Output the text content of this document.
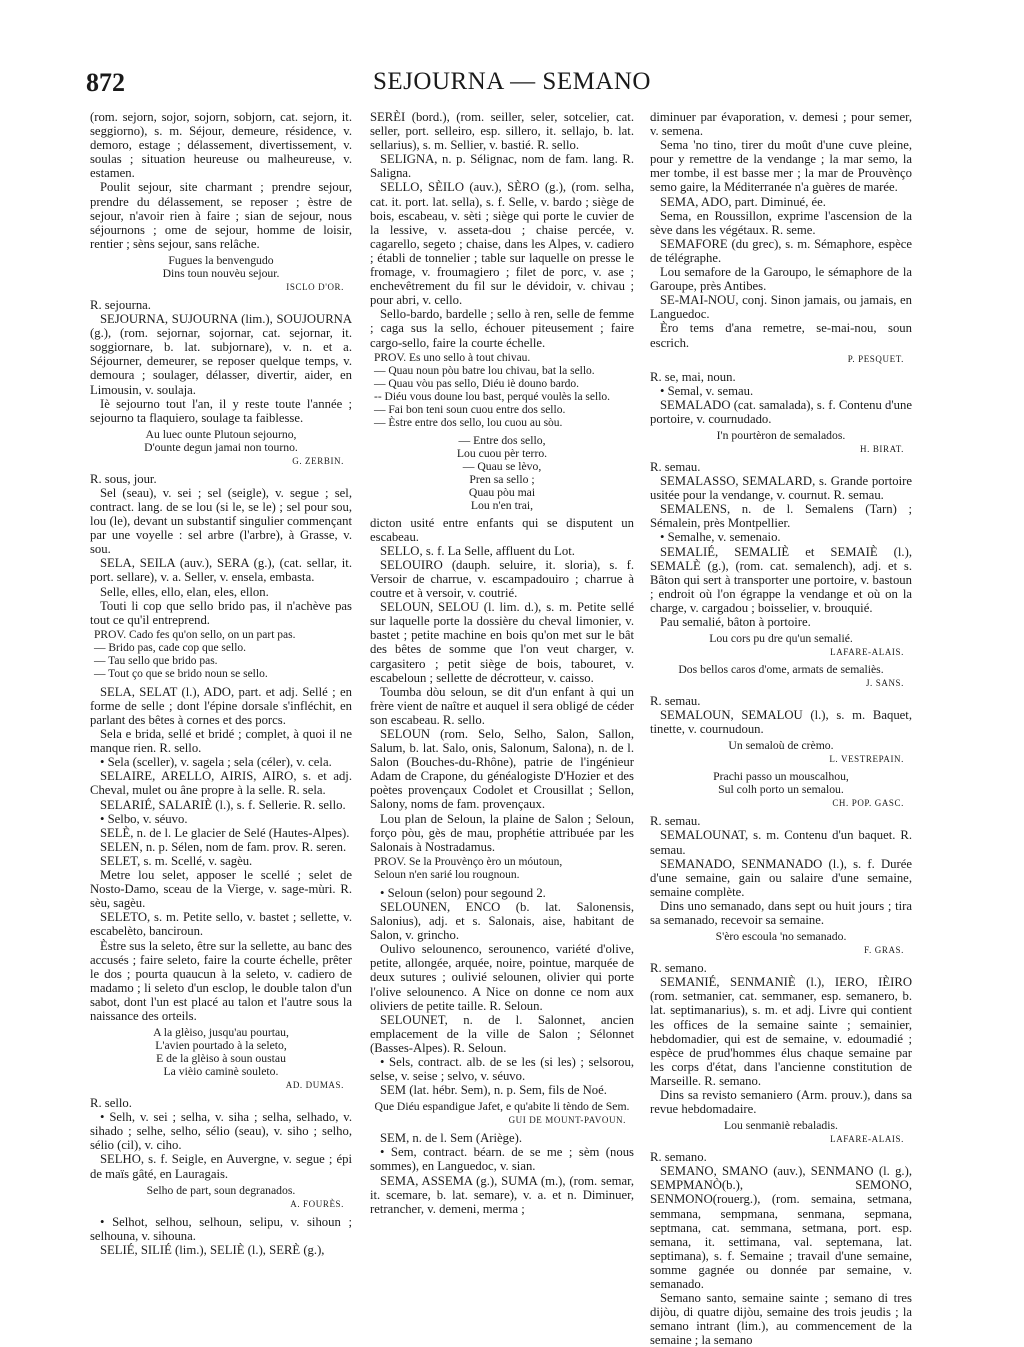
872	SEJOURNA — SEMANO

(rom. sejorn, sojor, sojorn, sobjorn, cat. sejorn, it. seggiorno), s. m. Séjour, demeure, résidence, v. demoro, estage ; délassement, divertissement, v. soulas ; situation heureuse ou malheureuse, v. estamen.

Poulit sejour, site charmant ; prendre sejour, prendre du délassement, se reposer ; èstre de sejour, n'avoir rien à faire ; sian de sejour, nous séjournons ; ome de sejour, homme de loisir, rentier ; sèns sejour, sans relâche.

Fugues la benvengudo
Dins toun nouvèu sejour.
ISCLO D'OR.

R. sejourna.

SEJOURNA, SUJOURNA (lim.), SOUJOURNA (g.), (rom. sejornar, sojornar, cat. sejornar, it. soggiornare, b. lat. subjornare), v. n. et a. Séjourner, demeurer, se reposer quelque temps, v. demoura ; soulager, délasser, divertir, aider, en Limousin, v. soulaja.

Iè sejourno tout l'an, il y reste toute l'année ; sejourno ta flaquiero, soulage ta faiblesse.

Au luec ounte Plutoun sejourno,
D'ounte degun jamai non tourno.
G. ZERBIN.

R. sous, jour.

Sel (seau), v. sei ; sel (seigle), v. segue ; sel, contract. lang. de se lou (si le, se le) ; sel pour sou, lou (le), devant un substantif singulier commençant par une voyelle : sel arbre (l'arbre), à Grasse, v. sou.

SELA, SEILA (auv.), SERA (g.), (cat. sellar, it. port. sellare), v. a. Seller, v. ensela, embasta.

Selle, elles, ello, elan, eles, ellon.

Touti li cop que sello brido pas, il n'achève pas tout ce qu'il entreprend.

PROV. Cado fes qu'on sello, on un part pas.
— Brido pas, cade cop que sello.
— Tau sello que brido pas.
— Tout ço que se brido noun se sello.

SELA, SELAT (l.), ADO, part. et adj. Sellé ; en forme de selle ; dont l'épine dorsale s'infléchit, en parlant des bêtes à cornes et des porcs.

Sela e brida, sellé et bridé ; complet, à quoi il ne manque rien. R. sello.

• Sela (sceller), v. sagela ; sela (céler), v. cela.

SELAIRE, ARELLO, AIRIS, AIRO, s. et adj. Cheval, mulet ou âne propre à la selle. R. sela.

SELARIÉ, SALARIÈ (l.), s. f. Sellerie. R. sello.

• Selbo, v. séuvo.

SELÈ, n. de l. Le glacier de Selé (Hautes-Alpes).

SELEN, n. p. Sélen, nom de fam. prov. R. seren.

SELET, s. m. Scellé, v. sagèu.

Metre lou selet, apposer le scellé ; selet de Nosto-Damo, sceau de la Vierge, v. sage-mùri. R. sèu, sagèu.

SELETO, s. m. Petite sello, v. bastet ; sellette, v. escabelèto, banciroun.

Èstre sus la seleto, être sur la sellette, au banc des accusés ; faire seleto, faire la courte échelle, prêter le dos ; pourta quaucun à la seleto, v. cadiero de madamo ; li seleto d'un esclop, le double talon d'un sabot, dont l'un est placé au talon et l'autre sous la naissance des orteils.

A la glèiso, jusqu'au pourtau,
L'avien pourtado à la seleto,
E de la glèiso à soun oustau
La vièio caminè souleto.
AD. DUMAS.

R. sello.

• Selh, v. sei ; selha, v. siha ; selha, selhado, v. sihado ; selhe, selho, sélio (seau), v. siho ; selho, sélio (cil), v. ciho.

SELHO, s. f. Seigle, en Auvergne, v. segue ; épi de maïs gâté, en Lauragais.

Selho de part, soun degranados.
A. FOURÈS.

• Selhot, selhou, selhoun, selipu, v. sihoun ; selhouna, v. sihouna.

SELIÉ, SILIÉ (lim.), SELIÈ (l.), SERÈ (g.),

SERÈI (bord.), (rom. seiller, seler, sotcelier, cat. seller, port. selleiro, esp. sillero, it. sellajo, b. lat. sellarius), s. m. Sellier, v. bastié. R. sello.

SELIGNA, n. p. Sélignac, nom de fam. lang. R. Saligna.

SELLO, SÈILO (auv.), SÈRO (g.), (rom. selha, cat. it. port. lat. sella), s. f. Selle, v. bardo ; siège de bois, escabeau, v. sèti ; siège qui porte le cuvier de la lessive, v. asseta-dou ; chaise percée, v. cagarello, segeto ; chaise, dans les Alpes, v. cadiero ; établi de tonnelier ; table sur laquelle on presse le fromage, v. froumagiero ; filet de porc, v. ase ; enchevêtrement du fil sur le dévidoir, v. chivau ; pour abri, v. cello.

Sello-bardo, bardelle ; sello à ren, selle de femme ; caga sus la sello, échouer piteusement ; faire cargo-sello, faire la courte échelle.

PROV. Es uno sello à tout chivau.
— Quau noun pòu batre lou chivau, bat la sello.
— Quau vòu pas sello, Diéu iè douno bardo.
-- Diéu vous doune lou bast, perqué voulès la sello.
— Fai bon teni soun cuou entre dos sello.
— Èstre entre dos sello, lou cuou au sòu.
— Entre dos sello,
Lou cuou pèr terro.
— Quau se lèvo,
Pren sa sello ;
Quau pòu mai
Lou n'en trai,

dicton usité entre enfants qui se disputent un escabeau.

SELLO, s. f. La Selle, affluent du Lot.

SELOUIRO (dauph. seluire, it. sloria), s. f. Versoir de charrue, v. escampadouiro ; charrue à coutre et à versoir, v. coutrié.

SELOUN, SELOU (l. lim. d.), s. m. Petite sellé sur laquelle porte la dossière du cheval limonier, v. bastet ; petite machine en bois qu'on met sur le bât des bêtes de somme que l'on veut charger, v. cargasitero ; petit siège de bois, tabouret, v. escabeloun ; sellette de décrotteur, v. caisso.

Toumba dòu seloun, se dit d'un enfant à qui un frère vient de naître et auquel il sera obligé de céder son escabeau. R. sello.

SELOUN (rom. Selo, Selho, Salon, Sallon, Salum, b. lat. Salo, onis, Salonum, Salona), n. de l. Salon (Bouches-du-Rhône), patrie de l'ingénieur Adam de Crapone, du généalogiste D'Hozier et des poètes provençaux Codolet et Crousillat ; Sellon, Salony, noms de fam. provençaux.

Lou plan de Seloun, la plaine de Salon ; Seloun, forço pòu, gès de mau, prophétie attribuée par les Salonais à Nostradamus.

PROV. Se la Prouvènço èro un móutoun,
Seloun n'en sarié lou rougnoun.

• Seloun (selon) pour segound 2.

SELOUNEN, ENCO (b. lat. Salonensis, Salonius), adj. et s. Salonais, aise, habitant de Salon, v. grincho.

Oulivo selounenco, serounenco, variété d'olive, petite, allongée, arquée, noire, pointue, marquée de deux sutures ; oulivié selounen, olivier qui porte l'olive selounenco. A Nice on donne ce nom aux oliviers de petite taille. R. Seloun.

SELOUNET, n. de l. Salonnet, ancien emplacement de la ville de Salon ; Sélonnet (Basses-Alpes). R. Seloun.

• Sels, contract. alb. de se les (si les) ; selsorou, selse, v. seise ; selvo, v. séuvo.

SEM (lat. hébr. Sem), n. p. Sem, fils de Noé.

Que Diéu espandigue Jafet, e qu'abite li tèndo de Sem.
GUI DE MOUNT-PAVOUN.

SEM, n. de l. Sem (Ariège).

• Sem, contract. béarn. de se me ; sèm (nous sommes), en Languedoc, v. sian.

SEMA, ASSEMA (g.), SUMA (m.), (rom. semar, it. scemare, b. lat. semare), v. a. et n. Diminuer, retrancher, v. demeni, merma ;

diminuer par évaporation, v. demesi ; pour semer, v. semena.

Sema 'no tino, tirer du moût d'une cuve pleine, pour y remettre de la vendange ; la mar semo, la mer tombe, il est basse mer ; la mar de Prouvènço semo gaire, la Méditerranée n'a guères de marée.

SEMA, ADO, part. Diminué, ée.

Sema, en Roussillon, exprime l'ascension de la sève dans les végétaux. R. seme.

SEMAFORE (du grec), s. m. Sémaphore, espèce de télégraphe.

Lou semafore de la Garoupo, le sémaphore de la Garoupe, près Antibes.

SE-MAI-NOU, conj. Sinon jamais, ou jamais, en Languedoc.

Èro tems d'ana remetre, se-mai-nou, soun escrich.

P. PESQUET.

R. se, mai, noun.

• Semal, v. semau.

SEMALADO (cat. samalada), s. f. Contenu d'une portoire, v. cournudado.

I'n pourtèron de semalados.
H. BIRAT.

R. semau.

SEMALASSO, SEMALARD, s. Grande portoire usitée pour la vendange, v. cournut. R. semau.

SEMALENS, n. de l. Semalens (Tarn) ; Sémalein, près Montpellier.

• Semalhe, v. semenaio.

SEMALIÉ, SEMALIÈ et SEMAIÈ (l.), SEMALÈ (g.), (rom. cat. semalench), adj. et s. Bâton qui sert à transporter une portoire, v. bastoun ; endroit où l'on égrappe la vendange et où on la charge, v. cargadou ; boisselier, v. brouquié.

Pau semalié, bâton à portoire.

Lou cors pu dre qu'un semalié.
LAFARE-ALAIS.
Dos bellos caros d'ome, armats de semaliès.
J. SANS.

R. semau.

SEMALOUN, SEMALOU (l.), s. m. Baquet, tinette, v. cournudoun.

Un semaloù de crèmo.
L. VESTREPAIN.
Prachi passo un mouscalhou,
Sul colh porto un semalou.
CH. POP. GASC.

R. semau.

SEMALOUNAT, s. m. Contenu d'un baquet. R. semau.

SEMANADO, SENMANADO (l.), s. f. Durée d'une semaine, gain ou salaire d'une semaine, semaine complète.

Dins uno semanado, dans sept ou huit jours ; tira sa semanado, recevoir sa semaine.

S'èro escoula 'no semanado.
F. GRAS.

R. semano.

SEMANIÉ, SENMANIÈ (l.), IERO, IÈIRO (rom. setmanier, cat. semmaner, esp. semanero, b. lat. septimanarius), s. m. et adj. Livre qui contient les offices de la semaine sainte ; semainier, hebdomadier, qui est de semaine, v. edoumadié ; espèce de prud'hommes élus chaque semaine par les corps d'état, dans l'ancienne constitution de Marseille. R. semano.

Dins sa revisto semaniero (Arm. prouv.), dans sa revue hebdomadaire.

Lou senmaniè rebaladis.
LAFARE-ALAIS.

R. semano.

SEMANO, SMANO (auv.), SENMANO (l. g.), SEMPMANÒ(b.), SEMONO, SENMONO(rouerg.), (rom. semaina, setmana, semmana, sempmana, senmana, sepmana, septmana, cat. semmana, setmana, port. esp. semana, it. settimana, val. septemana, lat. septimana), s. f. Semaine ; travail d'une semaine, somme gagnée ou donnée par semaine, v. semanado.

Semano santo, semaine sainte ; semano di tres dijòu, di quatre dijòu, semaine des trois jeudis ; la semano intrant (lim.), au commencement de la semaine ; la semano
